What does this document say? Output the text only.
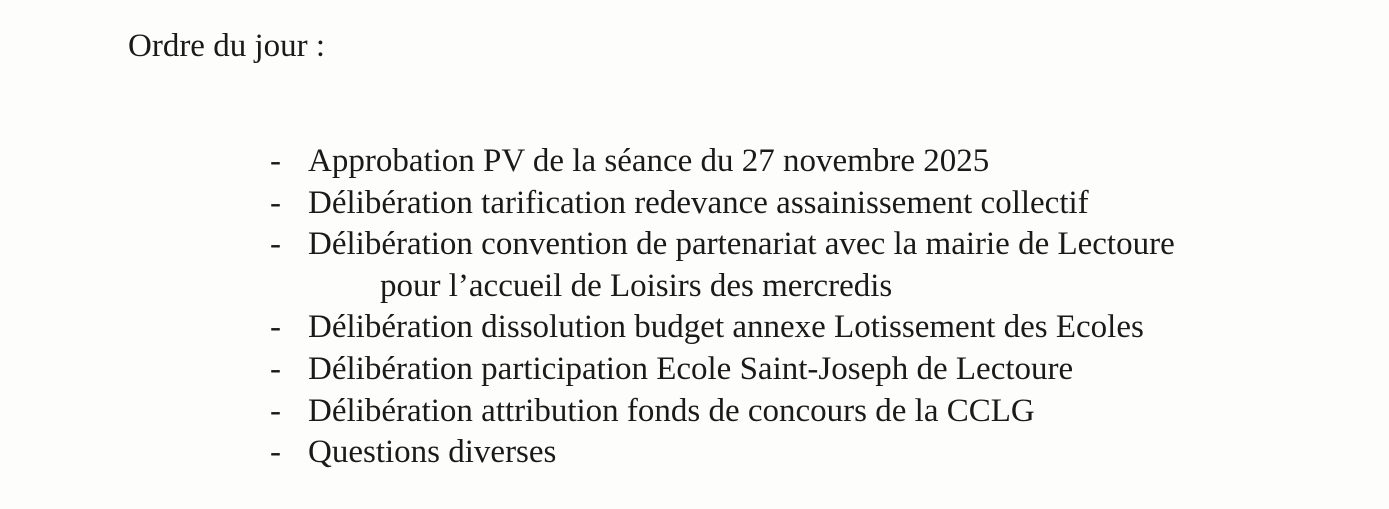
Ordre du jour :
- Approbation PV de la séance du 27 novembre 2025
- Délibération tarification redevance assainissement collectif
- Délibération convention de partenariat avec la mairie de Lectoure
pour l’accueil de Loisirs des mercredis
- Délibération dissolution budget annexe Lotissement des Ecoles
- Délibération participation Ecole Saint-Joseph de Lectoure
- Délibération attribution fonds de concours de la CCLG
- Questions diverses
